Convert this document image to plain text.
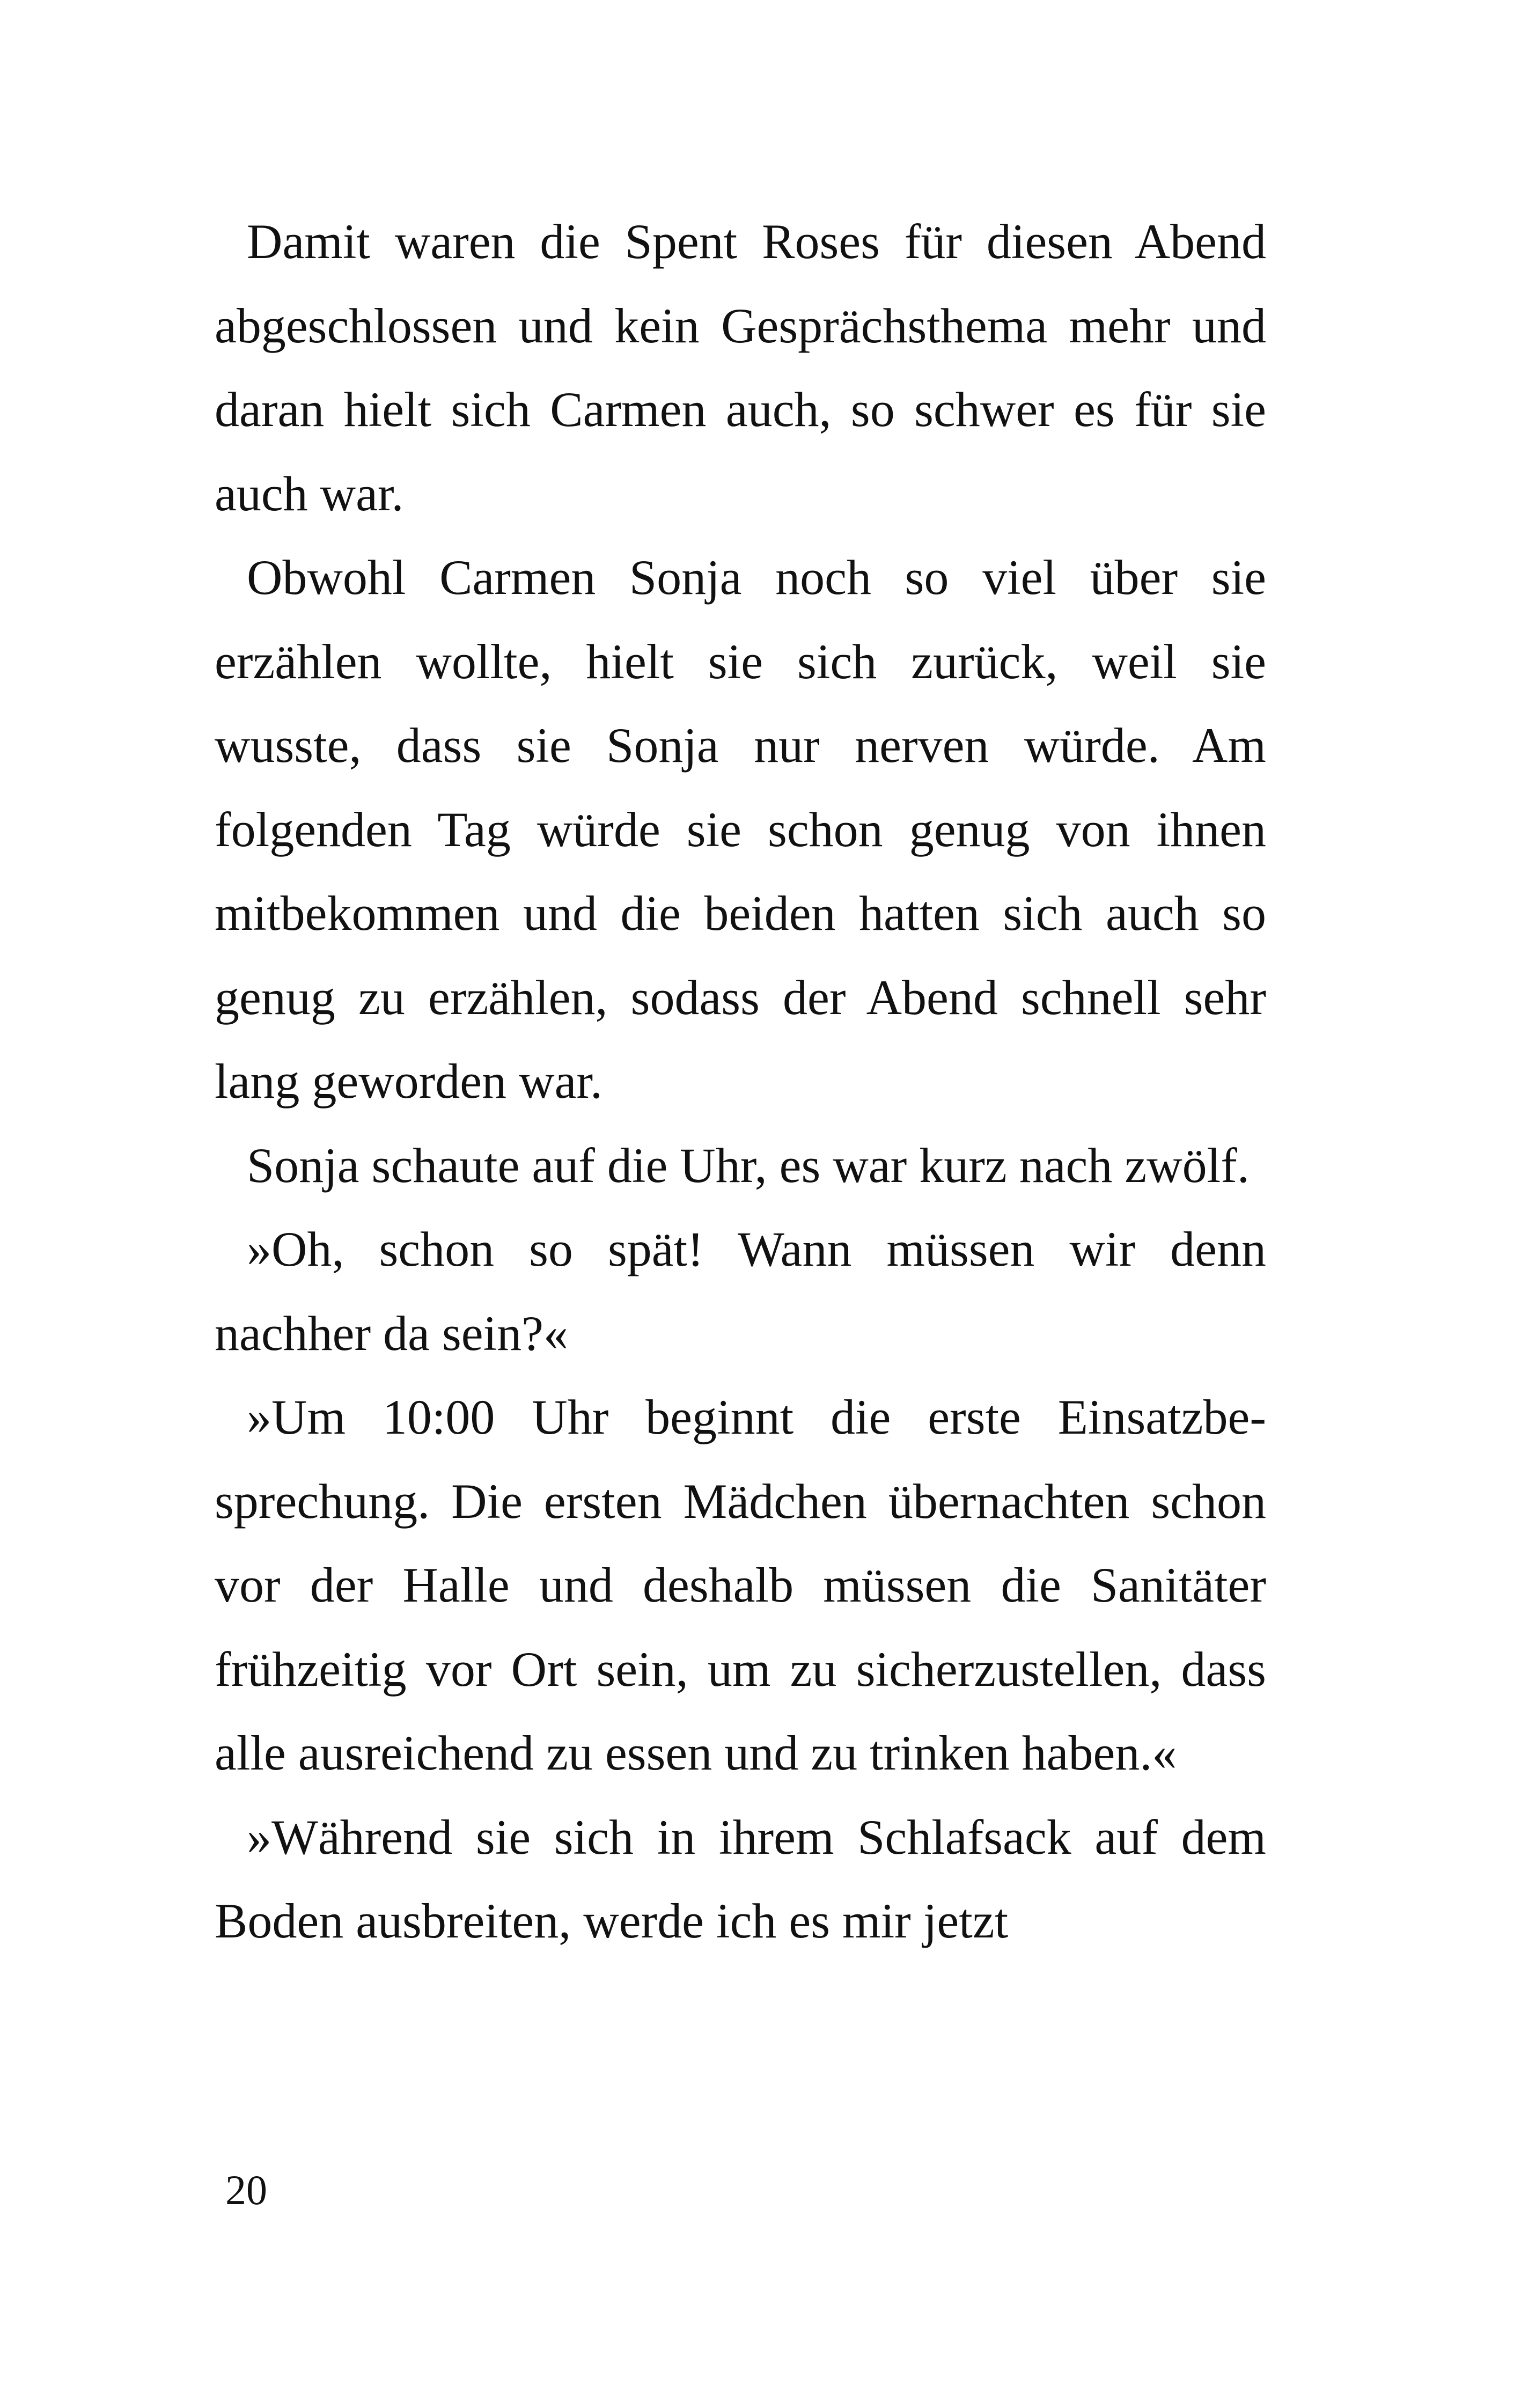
Damit waren die Spent Roses für diesen Abend abgeschlossen und kein Gesprächsthema mehr und daran hielt sich Carmen auch, so schwer es für sie auch war.

Obwohl Carmen Sonja noch so viel über sie erzählen wollte, hielt sie sich zurück, weil sie wusste, dass sie Sonja nur nerven würde. Am folgenden Tag würde sie schon genug von ihnen mitbekommen und die beiden hatten sich auch so genug zu erzählen, sodass der Abend schnell sehr lang geworden war.

Sonja schaute auf die Uhr, es war kurz nach zwölf.

»Oh, schon so spät! Wann müssen wir denn nachher da sein?«

»Um 10:00 Uhr beginnt die erste Einsatzbesprechung. Die ersten Mädchen übernachten schon vor der Halle und deshalb müssen die Sanitäter frühzeitig vor Ort sein, um zu sicherzustellen, dass alle ausreichend zu essen und zu trinken haben.«

»Während sie sich in ihrem Schlafsack auf dem Boden ausbreiten, werde ich es mir jetzt

20
